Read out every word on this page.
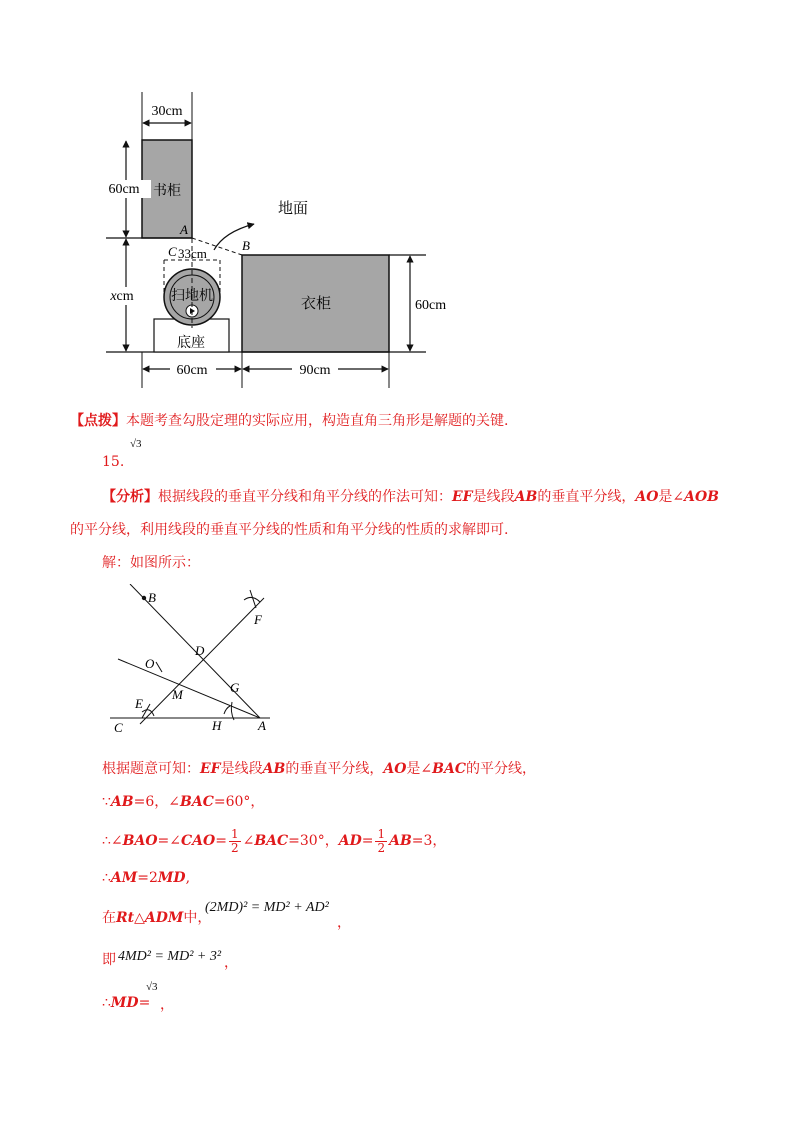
30cm
60cm
xcm
60cm	90cm
60cm
底座
扫地机
书柜
地面
A
B
C 33cm
衣柜
【点拨】本题考查勾股定理的实际应用，构造直角三角形是解题的关键.
15.
√3
【分析】根据线段的垂直平分线和角平分线的作法可知：EF是线段AB的垂直平分线，AO是∠AOB
的平分线，利用线段的垂直平分线的性质和角平分线的性质的求解即可.
解：如图所示：
B
F
D
O
G
E
M
C	H	A
根据题意可知：EF是线段AB的垂直平分线，AO是∠BAC的平分线，
∵AB=6，∠BAC=60°，
∴∠BAO=∠CAO= $\frac{1}{2}$ ∠BAC=30°，$AD= \frac{1}{2} AB=3$，
∴AM=2MD,
在Rt△ADM中，
(2MD)² = MD² + AD²
，
即 4MD² = MD² + 3² ，
∴MD=
√3
，
